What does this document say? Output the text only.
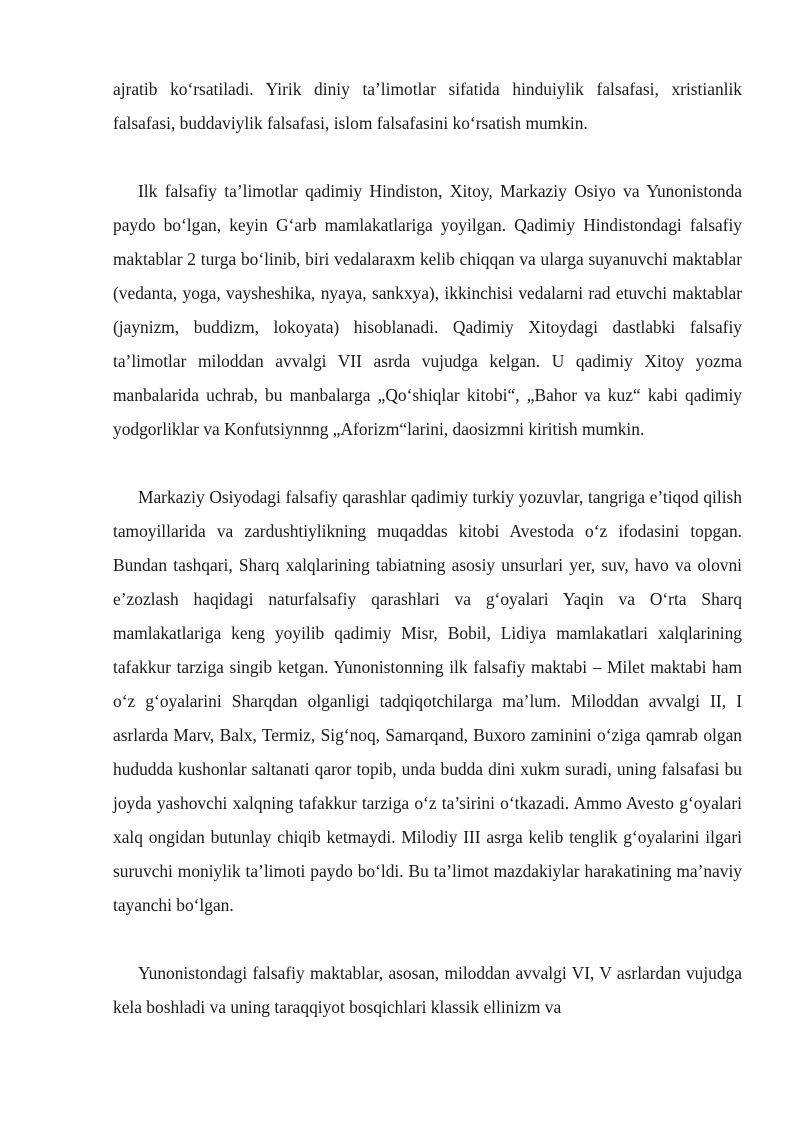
ajratib ko‘rsatiladi. Yirik diniy ta’limotlar sifatida hinduiylik falsafasi, xristianlik falsafasi, buddaviylik falsafasi, islom falsafasini ko‘rsatish mumkin.

Ilk falsafiy ta’limotlar qadimiy Hindiston, Xitoy, Markaziy Osiyo va Yunonistonda paydo bo‘lgan, keyin G‘arb mamlakatlariga yoyilgan. Qadimiy Hindistondagi falsafiy maktablar 2 turga bo‘linib, biri vedalaraxm kelib chiqqan va ularga suyanuvchi maktablar (vedanta, yoga, vaysheshika, nyaya, sankxya), ikkinchisi vedalarni rad etuvchi maktablar (jaynizm, buddizm, lokoyata) hisoblanadi. Qadimiy Xitoydagi dastlabki falsafiy ta’limotlar miloddan avvalgi VII asrda vujudga kelgan. U qadimiy Xitoy yozma manbalarida uchrab, bu manbalarga „Qo‘shiqlar kitobi“, „Bahor va kuz“ kabi qadimiy yodgorliklar va Konfutsiynnng „Aforizm“larini, daosizmni kiritish mumkin.

Markaziy Osiyodagi falsafiy qarashlar qadimiy turkiy yozuvlar, tangriga e’tiqod qilish tamoyillarida va zardushtiylikning muqaddas kitobi Avestoda o‘z ifodasini topgan. Bundan tashqari, Sharq xalqlarining tabiatning asosiy unsurlari yer, suv, havo va olovni e’zozlash haqidagi naturfalsafiy qarashlari va g‘oyalari Yaqin va O‘rta Sharq mamlakatlariga keng yoyilib qadimiy Misr, Bobil, Lidiya mamlakatlari xalqlarining tafakkur tarziga singib ketgan. Yunonistonning ilk falsafiy maktabi – Milet maktabi ham o‘z g‘oyalarini Sharqdan olganligi tadqiqotchilarga ma’lum. Miloddan avvalgi II, I asrlarda Marv, Balx, Termiz, Sig‘noq, Samarqand, Buxoro zaminini o‘ziga qamrab olgan hududda kushonlar saltanati qaror topib, unda budda dini xukm suradi, uning falsafasi bu joyda yashovchi xalqning tafakkur tarziga o‘z ta’sirini o‘tkazadi. Ammo Avesto g‘oyalari xalq ongidan butunlay chiqib ketmaydi. Milodiy III asrga kelib tenglik g‘oyalarini ilgari suruvchi moniylik ta’limoti paydo bo‘ldi. Bu ta’limot mazdakiylar harakatining ma’naviy tayanchi bo‘lgan.

Yunonistondagi falsafiy maktablar, asosan, miloddan avvalgi VI, V asrlardan vujudga kela boshladi va uning taraqqiyot bosqichlari klassik ellinizm va
